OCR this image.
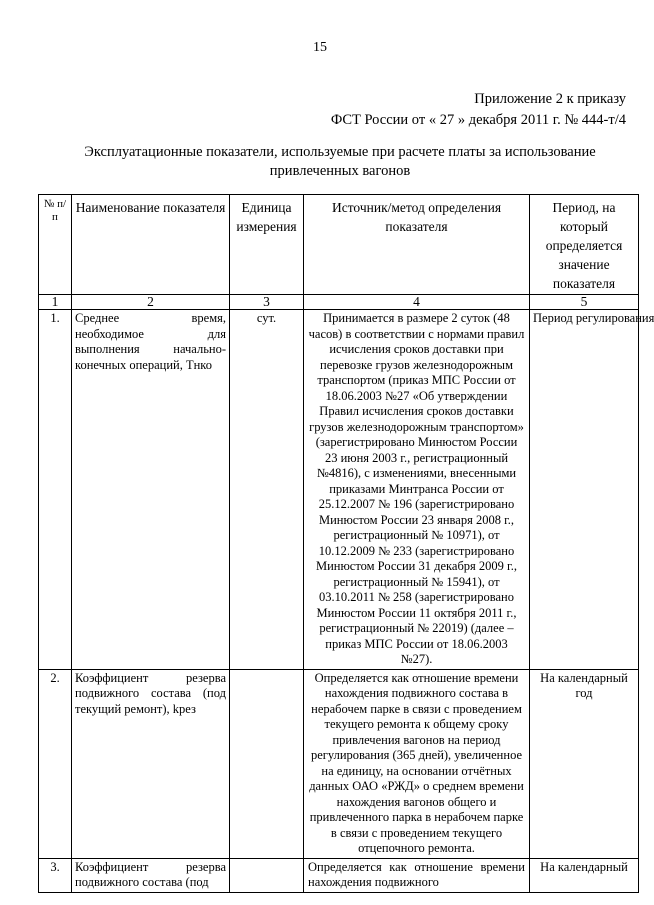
15
Приложение 2 к приказу
ФСТ России от « 27 » декабря 2011 г. № 444-т/4
Эксплуатационные показатели, используемые при расчете платы за использование
привлеченных вагонов
№ п/п	Наименование показателя	Единица измерения	Источник/метод определения показателя	Период, на который определяется значение показателя
1	2	3	4	5
1.	Среднее время, необходимое для выполнения начально-конечных операций, Tнко	сут.	Принимается в размере 2 суток (48 часов) в соответствии с нормами правил исчисления сроков доставки при перевозке грузов железнодорожным транспортом (приказ МПС России от 18.06.2003 №27 «Об утверждении Правил исчисления сроков доставки грузов железнодорожным транспортом» (зарегистрировано Минюстом России 23 июня 2003 г., регистрационный №4816), с изменениями, внесенными приказами Минтранса России от 25.12.2007 № 196 (зарегистрировано Минюстом России 23 января 2008 г., регистрационный № 10971), от 10.12.2009 № 233 (зарегистрировано Минюстом России 31 декабря 2009 г., регистрационный № 15941), от 03.10.2011 № 258 (зарегистрировано Минюстом России 11 октября 2011 г., регистрационный № 22019) (далее – приказ МПС России от 18.06.2003 №27).	Период регулирования
2.	Коэффициент резерва подвижного состава (под текущий ремонт), kрез		Определяется как отношение времени нахождения подвижного состава в нерабочем парке в связи с проведением текущего ремонта к общему сроку привлечения вагонов на период регулирования (365 дней), увеличенное на единицу, на основании отчётных данных ОАО «РЖД» о среднем времени нахождения вагонов общего и привлеченного парка в нерабочем парке в связи с проведением текущего отцепочного ремонта.	На календарный год
3.	Коэффициент резерва подвижного состава (под		Определяется как отношение времени нахождения подвижного	На календарный
